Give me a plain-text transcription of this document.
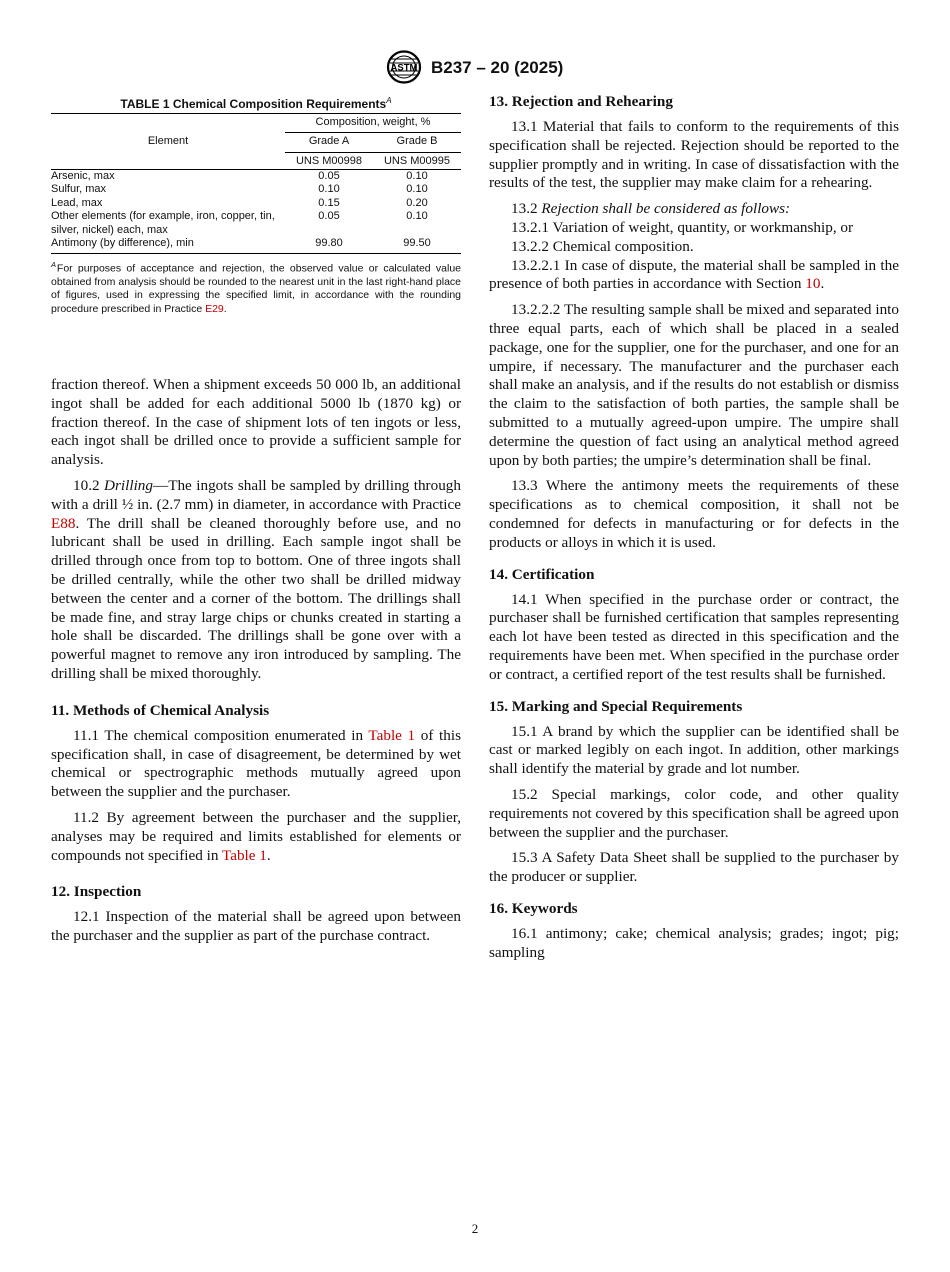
ASTM B237 – 20 (2025)

TABLE 1 Chemical Composition Requirements$^A$

Element	Composition, weight, %	
	Grade A	Grade B
	UNS M00998	UNS M00995
Arsenic, max	0.05	0.10
Sulfur, max	0.10	0.10
Lead, max	0.15	0.20
Other elements (for example, iron, copper, tin, silver, nickel) each, max	0.05	0.10
Antimony (by difference), min	99.80	99.50

$^A$ For purposes of acceptance and rejection, the observed value or calculated value obtained from analysis should be rounded to the nearest unit in the last right-hand place of figures, used in expressing the specified limit, in accordance with the rounding procedure prescribed in Practice E29.

fraction thereof. When a shipment exceeds 50 000 lb, an additional ingot shall be added for each additional 5000 lb (1870 kg) or fraction thereof. In the case of shipment lots of ten ingots or less, each ingot shall be drilled once to provide a sufficient sample for analysis.

10.2 Drilling—The ingots shall be sampled by drilling through with a drill ½ in. (2.7 mm) in diameter, in accordance with Practice E88. The drill shall be cleaned thoroughly before use, and no lubricant shall be used in drilling. Each sample ingot shall be drilled through once from top to bottom. One of three ingots shall be drilled centrally, while the other two shall be drilled midway between the center and a corner of the bottom. The drillings shall be made fine, and stray large chips or chunks created in starting a hole shall be discarded. The drillings shall be gone over with a powerful magnet to remove any iron introduced by sampling. The drilling shall be mixed thoroughly.

11. Methods of Chemical Analysis

11.1 The chemical composition enumerated in Table 1 of this specification shall, in case of disagreement, be determined by wet chemical or spectrographic methods mutually agreed upon between the supplier and the purchaser.

11.2 By agreement between the purchaser and the supplier, analyses may be required and limits established for elements or compounds not specified in Table 1.

12. Inspection

12.1 Inspection of the material shall be agreed upon between the purchaser and the supplier as part of the purchase contract.

13. Rejection and Rehearing

13.1 Material that fails to conform to the requirements of this specification shall be rejected. Rejection should be reported to the supplier promptly and in writing. In case of dissatisfaction with the results of the test, the supplier may make claim for a rehearing.

13.2 Rejection shall be considered as follows:

13.2.1 Variation of weight, quantity, or workmanship, or

13.2.2 Chemical composition.

13.2.2.1 In case of dispute, the material shall be sampled in the presence of both parties in accordance with Section 10.

13.2.2.2 The resulting sample shall be mixed and separated into three equal parts, each of which shall be placed in a sealed package, one for the supplier, one for the purchaser, and one for an umpire, if necessary. The manufacturer and the purchaser each shall make an analysis, and if the results do not establish or dismiss the claim to the satisfaction of both parties, the sample shall be submitted to a mutually agreed-upon umpire. The umpire shall determine the question of fact using an analytical method agreed upon by both parties; the umpire’s determination shall be final.

13.3 Where the antimony meets the requirements of these specifications as to chemical composition, it shall not be condemned for defects in manufacturing or for defects in the products or alloys in which it is used.

14. Certification

14.1 When specified in the purchase order or contract, the purchaser shall be furnished certification that samples representing each lot have been tested as directed in this specification and the requirements have been met. When specified in the purchase order or contract, a certified report of the test results shall be furnished.

15. Marking and Special Requirements

15.1 A brand by which the supplier can be identified shall be cast or marked legibly on each ingot. In addition, other markings shall identify the material by grade and lot number.

15.2 Special markings, color code, and other quality requirements not covered by this specification shall be agreed upon between the supplier and the purchaser.

15.3 A Safety Data Sheet shall be supplied to the purchaser by the producer or supplier.

16. Keywords

16.1 antimony; cake; chemical analysis; grades; ingot; pig; sampling

2
